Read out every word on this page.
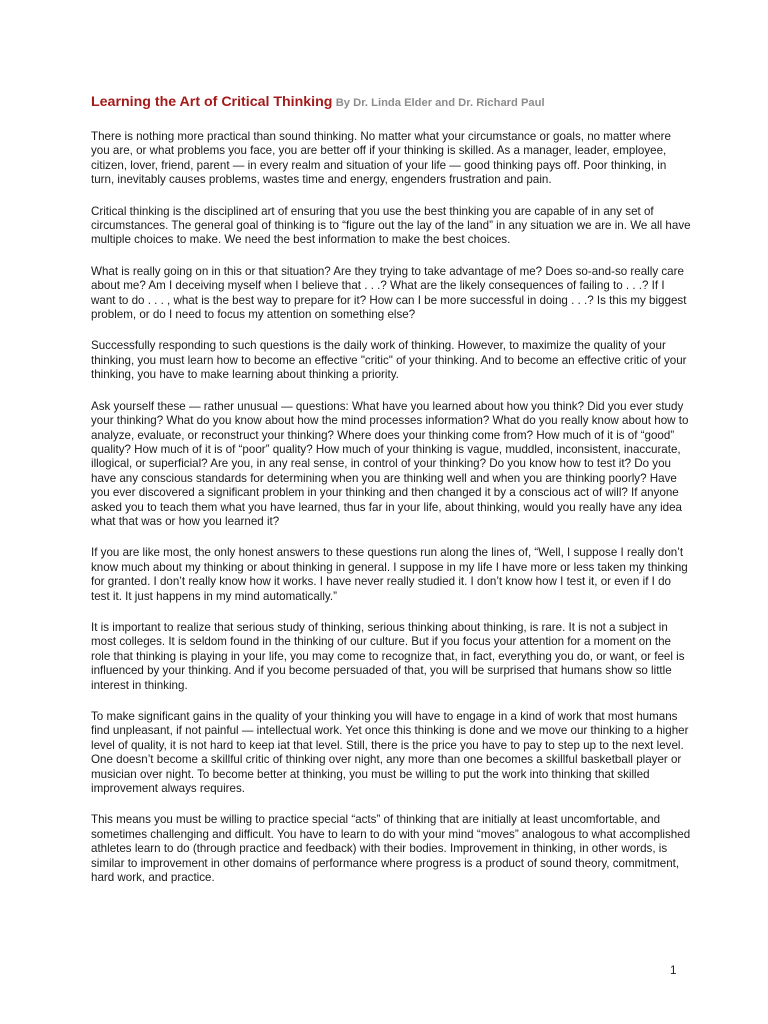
Learning the Art of Critical Thinking By Dr. Linda Elder and Dr. Richard Paul

There is nothing more practical than sound thinking. No matter what your circumstance or goals, no matter where you are, or what problems you face, you are better off if your thinking is skilled. As a manager, leader, employee, citizen, lover, friend, parent — in every realm and situation of your life — good thinking pays off. Poor thinking, in turn, inevitably causes problems, wastes time and energy, engenders frustration and pain.

Critical thinking is the disciplined art of ensuring that you use the best thinking you are capable of in any set of circumstances. The general goal of thinking is to “figure out the lay of the land” in any situation we are in. We all have multiple choices to make. We need the best information to make the best choices.

What is really going on in this or that situation? Are they trying to take advantage of me? Does so-and-so really care about me? Am I deceiving myself when I believe that . . .? What are the likely consequences of failing to . . .? If I want to do . . . , what is the best way to prepare for it? How can I be more successful in doing . . .? Is this my biggest problem, or do I need to focus my attention on something else?

Successfully responding to such questions is the daily work of thinking. However, to maximize the quality of your thinking, you must learn how to become an effective "critic" of your thinking. And to become an effective critic of your thinking, you have to make learning about thinking a priority.

Ask yourself these — rather unusual — questions: What have you learned about how you think? Did you ever study your thinking? What do you know about how the mind processes information? What do you really know about how to analyze, evaluate, or reconstruct your thinking? Where does your thinking come from? How much of it is of “good” quality? How much of it is of “poor” quality? How much of your thinking is vague, muddled, inconsistent, inaccurate, illogical, or superficial? Are you, in any real sense, in control of your thinking? Do you know how to test it? Do you have any conscious standards for determining when you are thinking well and when you are thinking poorly? Have you ever discovered a significant problem in your thinking and then changed it by a conscious act of will? If anyone asked you to teach them what you have learned, thus far in your life, about thinking, would you really have any idea what that was or how you learned it?

If you are like most, the only honest answers to these questions run along the lines of, “Well, I suppose I really don’t know much about my thinking or about thinking in general. I suppose in my life I have more or less taken my thinking for granted. I don’t really know how it works. I have never really studied it. I don’t know how I test it, or even if I do test it. It just happens in my mind automatically.”

It is important to realize that serious study of thinking, serious thinking about thinking, is rare. It is not a subject in most colleges. It is seldom found in the thinking of our culture. But if you focus your attention for a moment on the role that thinking is playing in your life, you may come to recognize that, in fact, everything you do, or want, or feel is influenced by your thinking. And if you become persuaded of that, you will be surprised that humans show so little interest in thinking.

To make significant gains in the quality of your thinking you will have to engage in a kind of work that most humans find unpleasant, if not painful — intellectual work. Yet once this thinking is done and we move our thinking to a higher level of quality, it is not hard to keep iat that level. Still, there is the price you have to pay to step up to the next level. One doesn’t become a skillful critic of thinking over night, any more than one becomes a skillful basketball player or musician over night. To become better at thinking, you must be willing to put the work into thinking that skilled improvement always requires.

This means you must be willing to practice special “acts” of thinking that are initially at least uncomfortable, and sometimes challenging and difficult. You have to learn to do with your mind “moves” analogous to what accomplished athletes learn to do (through practice and feedback) with their bodies. Improvement in thinking, in other words, is similar to improvement in other domains of performance where progress is a product of sound theory, commitment, hard work, and practice.

1
